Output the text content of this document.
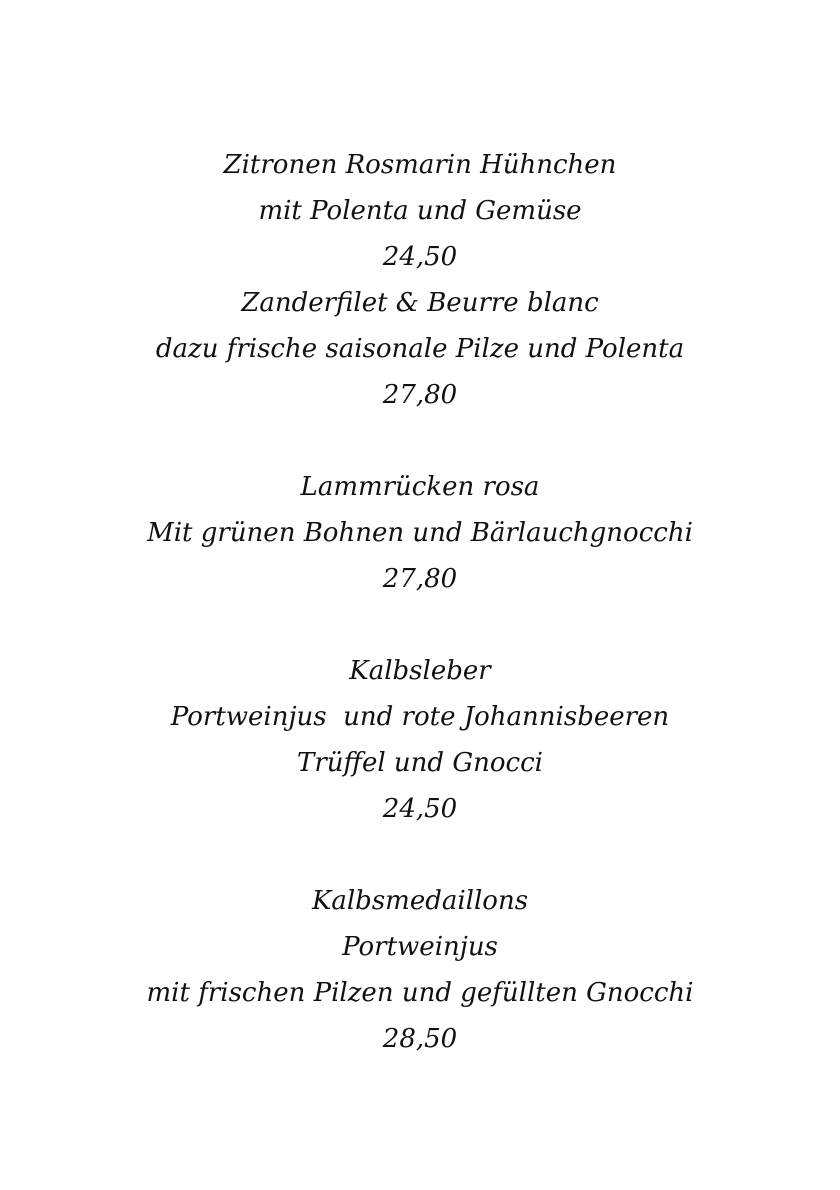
Zitronen Rosmarin Hühnchen
mit Polenta und Gemüse
24,50
Zanderfilet & Beurre blanc
dazu frische saisonale Pilze und Polenta
27,80
Lammrücken rosa
Mit grünen Bohnen und Bärlauchgnocchi
27,80
Kalbsleber
Portweinjus  und rote Johannisbeeren
Trüffel und Gnocci
24,50
Kalbsmedaillons
Portweinjus
mit frischen Pilzen und gefüllten Gnocchi
28,50
